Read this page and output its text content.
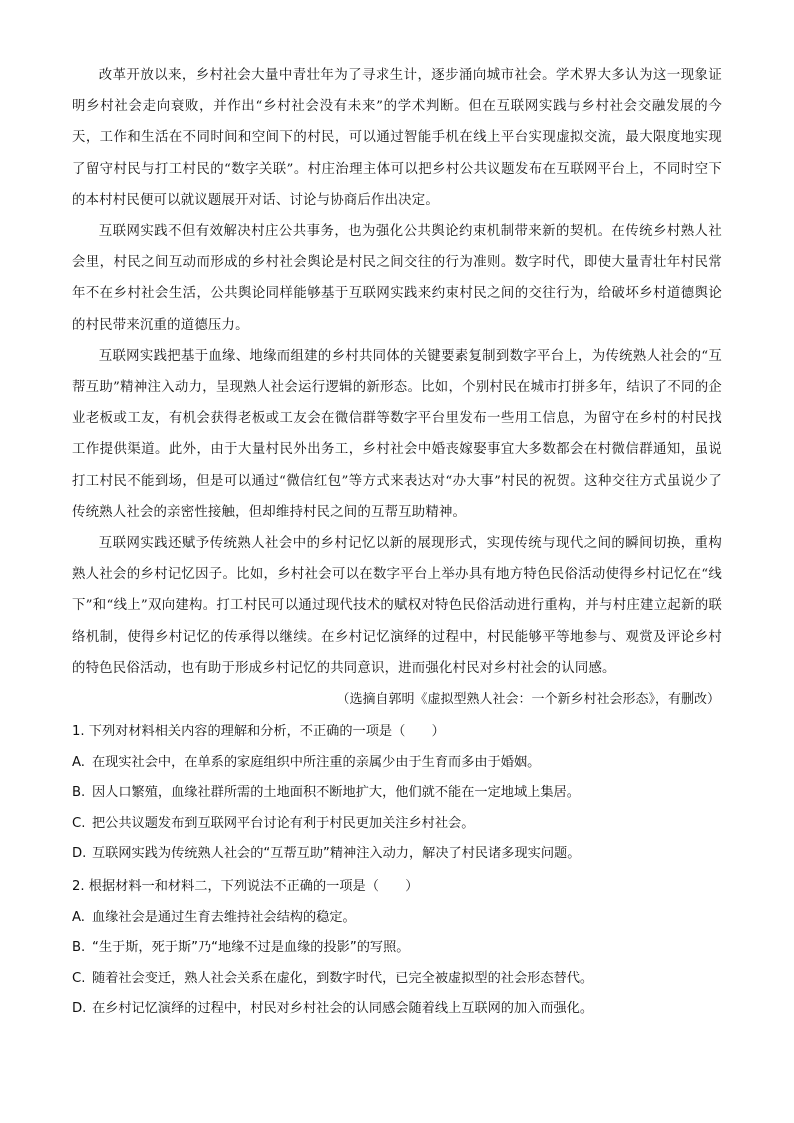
改革开放以来，乡村社会大量中青壮年为了寻求生计，逐步涌向城市社会。学术界大多认为这一现象证明乡村社会走向衰败，并作出“乡村社会没有未来”的学术判断。但在互联网实践与乡村社会交融发展的今天，工作和生活在不同时间和空间下的村民，可以通过智能手机在线上平台实现虚拟交流，最大限度地实现了留守村民与打工村民的“数字关联”。村庄治理主体可以把乡村公共议题发布在互联网平台上，不同时空下的本村村民便可以就议题展开对话、讨论与协商后作出决定。

互联网实践不但有效解决村庄公共事务，也为强化公共舆论约束机制带来新的契机。在传统乡村熟人社会里，村民之间互动而形成的乡村社会舆论是村民之间交往的行为准则。数字时代，即使大量青壮年村民常年不在乡村社会生活，公共舆论同样能够基于互联网实践来约束村民之间的交往行为，给破坏乡村道德舆论的村民带来沉重的道德压力。

互联网实践把基于血缘、地缘而组建的乡村共同体的关键要素复制到数字平台上，为传统熟人社会的“互帮互助”精神注入动力，呈现熟人社会运行逻辑的新形态。比如，个别村民在城市打拼多年，结识了不同的企业老板或工友，有机会获得老板或工友会在微信群等数字平台里发布一些用工信息，为留守在乡村的村民找工作提供渠道。此外，由于大量村民外出务工，乡村社会中婚丧嫁娶事宜大多数都会在村微信群通知，虽说打工村民不能到场，但是可以通过“微信红包”等方式来表达对“办大事”村民的祝贺。这种交往方式虽说少了传统熟人社会的亲密性接触，但却维持村民之间的互帮互助精神。

互联网实践还赋予传统熟人社会中的乡村记忆以新的展现形式，实现传统与现代之间的瞬间切换，重构熟人社会的乡村记忆因子。比如，乡村社会可以在数字平台上举办具有地方特色民俗活动使得乡村记忆在“线下”和“线上”双向建构。打工村民可以通过现代技术的赋权对特色民俗活动进行重构，并与村庄建立起新的联络机制，使得乡村记忆的传承得以继续。在乡村记忆演绎的过程中，村民能够平等地参与、观赏及评论乡村的特色民俗活动，也有助于形成乡村记忆的共同意识，进而强化村民对乡村社会的认同感。

（选摘自郭明《虚拟型熟人社会：一个新乡村社会形态》，有删改）

1. 下列对材料相关内容的理解和分析，不正确的一项是（　　）

A. 在现实社会中，在单系的家庭组织中所注重的亲属少由于生育而多由于婚姻。

B. 因人口繁殖，血缘社群所需的土地面积不断地扩大，他们就不能在一定地域上集居。

C. 把公共议题发布到互联网平台讨论有利于村民更加关注乡村社会。

D. 互联网实践为传统熟人社会的“互帮互助”精神注入动力，解决了村民诸多现实问题。

2. 根据材料一和材料二，下列说法不正确的一项是（　　）

A. 血缘社会是通过生育去维持社会结构的稳定。

B. “生于斯，死于斯”乃“地缘不过是血缘的投影”的写照。

C. 随着社会变迁，熟人社会关系在虚化，到数字时代，已完全被虚拟型的社会形态替代。

D. 在乡村记忆演绎的过程中，村民对乡村社会的认同感会随着线上互联网的加入而强化。
